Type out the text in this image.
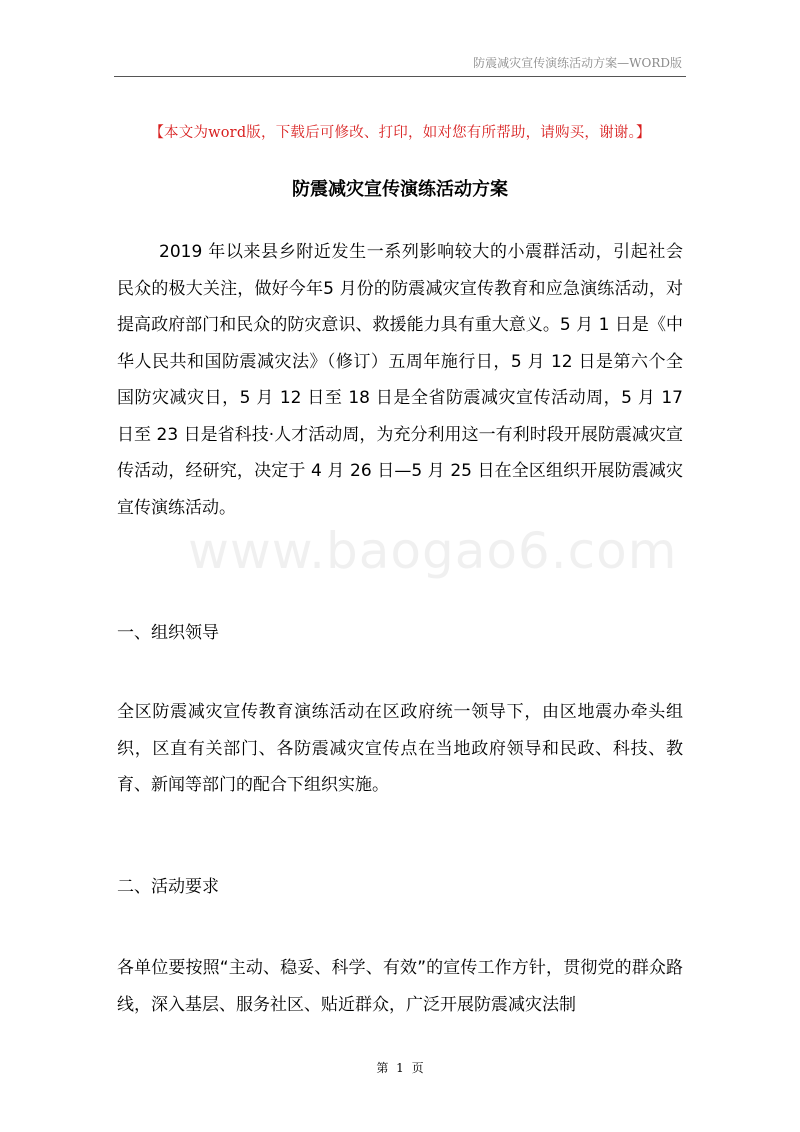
防震减灾宣传演练活动方案—WORD版
【本文为word版，下载后可修改、打印，如对您有所帮助，请购买，谢谢。】
防震减灾宣传演练活动方案

2019 年以来县乡附近发生一系列影响较大的小震群活动，引起社会民众的极大关注，做好今年5 月份的防震减灾宣传教育和应急演练活动，对提高政府部门和民众的防灾意识、救援能力具有重大意义。5 月 1 日是《中华人民共和国防震减灾法》（修订）五周年施行日，5 月 12 日是第六个全国防灾减灾日，5 月 12 日至 18 日是全省防震减灾宣传活动周，5 月 17 日至 23 日是省科技·人才活动周，为充分利用这一有利时段开展防震减灾宣传活动，经研究，决定于 4 月 26 日—5 月 25 日在全区组织开展防震减灾宣传演练活动。

www.baogao6.com
一、组织领导

全区防震减灾宣传教育演练活动在区政府统一领导下，由区地震办牵头组织，区直有关部门、各防震减灾宣传点在当地政府领导和民政、科技、教育、新闻等部门的配合下组织实施。

二、活动要求

各单位要按照“主动、稳妥、科学、有效”的宣传工作方针，贯彻党的群众路线，深入基层、服务社区、贴近群众，广泛开展防震减灾法制

第 1 页
